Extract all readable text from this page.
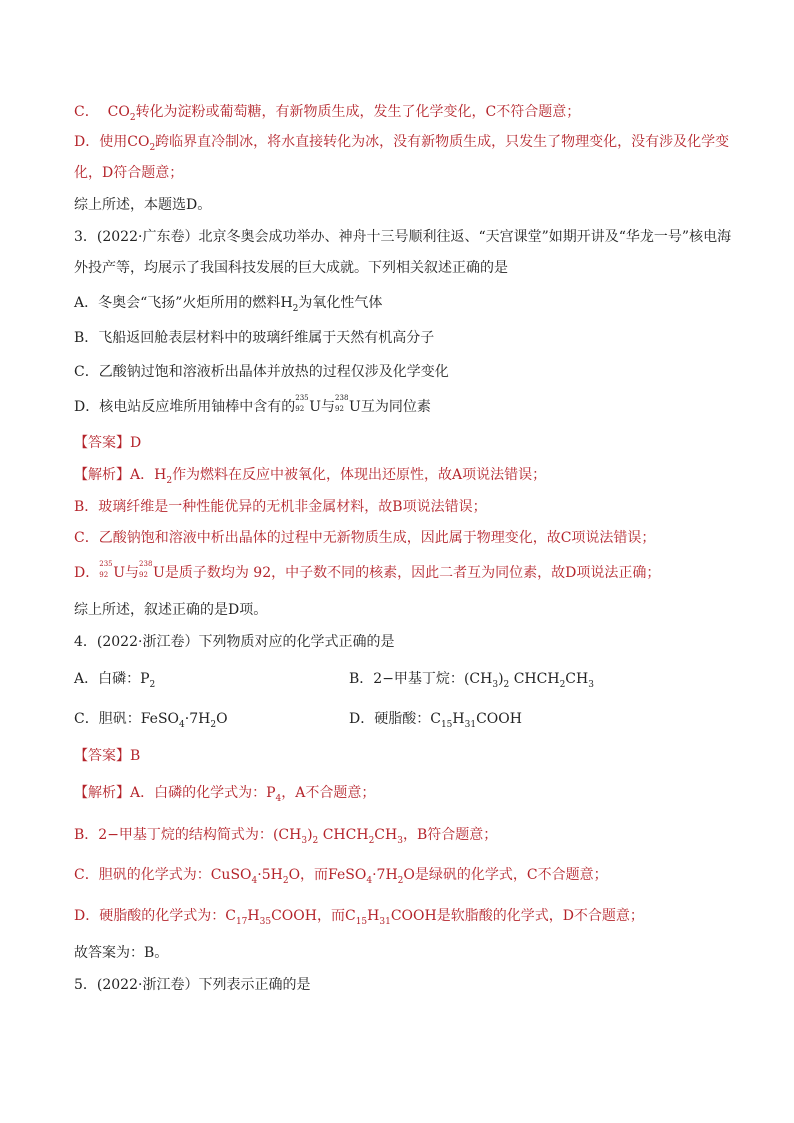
C． $CO_2$转化为淀粉或葡萄糖，有新物质生成，发生了化学变化，C不符合题意；
D．使用$CO_2$跨临界直冷制冰，将水直接转化为冰，没有新物质生成，只发生了物理变化，没有涉及化学变
化，D符合题意；
综上所述，本题选D。
3．(2022·广东卷）北京冬奥会成功举办、神舟十三号顺利往返、“天宫课堂”如期开讲及“华龙一号”核电海
外投产等，均展示了我国科技发展的巨大成就。下列相关叙述正确的是
A．冬奥会“飞扬”火炬所用的燃料$H_2$为氧化性气体
B．飞船返回舱表层材料中的玻璃纤维属于天然有机高分子
C．乙酸钠过饱和溶液析出晶体并放热的过程仅涉及化学变化
D．核电站反应堆所用铀棒中含有的
235
92 U与
238
92 U互为同位素
【答案】D
【解析】A．$H_2$作为燃料在反应中被氧化，体现出还原性，故A项说法错误；
B．玻璃纤维是一种性能优异的无机非金属材料，故B项说法错误；
C．乙酸钠饱和溶液中析出晶体的过程中无新物质生成，因此属于物理变化，故C项说法错误；
D．
235
92 U与
238
92 U是质子数均为 92，中子数不同的核素，因此二者互为同位素，故D项说法正确；
综上所述，叙述正确的是D项。
4．(2022·浙江卷）下列物质对应的化学式正确的是
A．白磷：$P_2$	B．2−甲基丁烷：$(CH_3)_2$ $CHCH_2CH_3$
C．胆矾：$FeSO_4\cdot 7H_2O$	D．硬脂酸：$C_{15}H_{31}COOH$
【答案】B
【解析】A．白磷的化学式为：$P_4$，A不合题意；
B．2−甲基丁烷的结构简式为：$(CH_3)_2$ $CHCH_2CH_3$，B符合题意；
C．胆矾的化学式为：$CuSO_4\cdot 5H_2O$，而$FeSO_4\cdot 7H_2O$是绿矾的化学式，C不合题意；
D．硬脂酸的化学式为：$C_{17}H_{35}COOH$，而$C_{15}H_{31}COOH$是软脂酸的化学式，D不合题意；
故答案为：B。
5．(2022·浙江卷）下列表示正确的是
